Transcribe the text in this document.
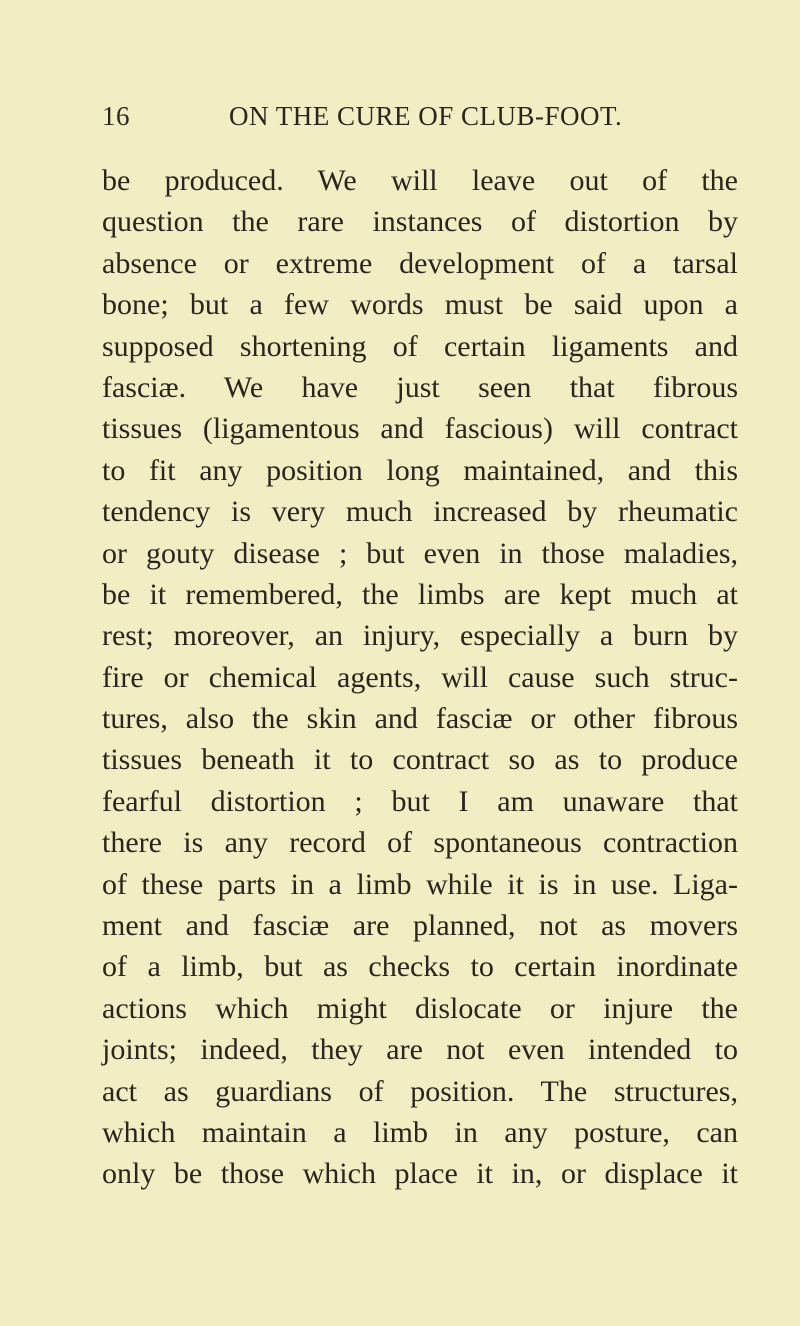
16	ON THE CURE OF CLUB-FOOT.
be produced. We will leave out of the
question the rare instances of distortion by
absence or extreme development of a tarsal
bone; but a few words must be said upon a
supposed shortening of certain ligaments and
fasciæ. We have just seen that fibrous
tissues (ligamentous and fascious) will contract
to fit any position long maintained, and this
tendency is very much increased by rheumatic
or gouty disease ; but even in those maladies,
be it remembered, the limbs are kept much at
rest; moreover, an injury, especially a burn by
fire or chemical agents, will cause such struc-
tures, also the skin and fasciæ or other fibrous
tissues beneath it to contract so as to produce
fearful distortion ; but I am unaware that
there is any record of spontaneous contraction
of these parts in a limb while it is in use. Liga-
ment and fasciæ are planned, not as movers
of a limb, but as checks to certain inordinate
actions which might dislocate or injure the
joints; indeed, they are not even intended to
act as guardians of position. The structures,
which maintain a limb in any posture, can
only be those which place it in, or displace it
